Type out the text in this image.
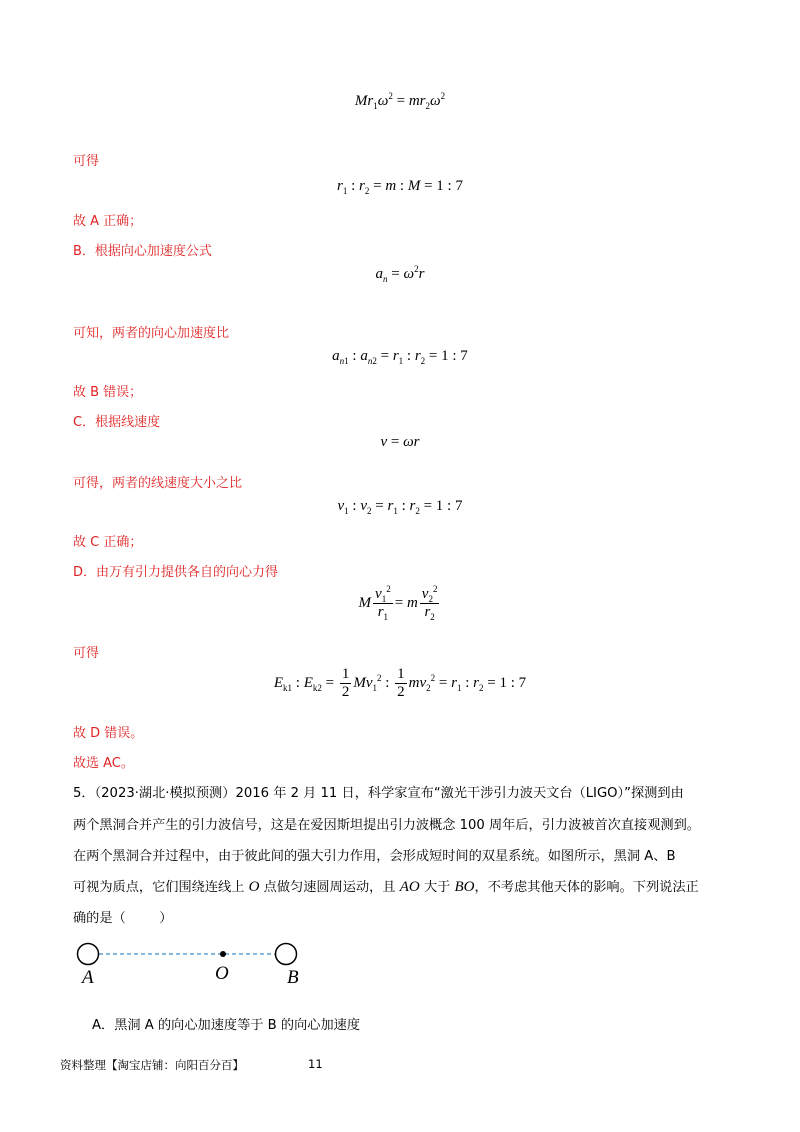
$Mr_1\omega^2 = mr_2\omega^2$
可得
$r_1$ : $r_2 = m$ : M = 1 : 7
故 A 正确；
B．根据向心加速度公式
$a_n = \omega^2r$
可知，两者的向心加速度比
$a_{n1}$ : $a_{n2} = r_1$ : $r_2 = 1$ : 7
故 B 错误；
C．根据线速度
v = ωr
可得，两者的线速度大小之比
$v_1$ : $v_2 = r_1$ : $r_2 = 1$ : 7
故 C 正确；
D．由万有引力提供各自的向心力得
M $\frac{v_1^2}{r_1} = m \frac{v_2^2}{r_2}$
可得
$E_{k1}$ : $E_{k2} = \frac{1}{2} Mv_1^2$ : $\frac{1}{2} mv_2^2 = r_1$ : $r_2 = 1$ : 7
故 D 错误。
故选 AC。
5．（2023·湖北·模拟预测）2016 年 2 月 11 日，科学家宣布“激光干涉引力波天文台（LIGO）”探测到由
两个黑洞合并产生的引力波信号，这是在爱因斯坦提出引力波概念 100 周年后，引力波被首次直接观测到。
在两个黑洞合并过程中，由于彼此间的强大引力作用，会形成短时间的双星系统。如图所示，黑洞 A、B
可视为质点，它们围绕连线上 O 点做匀速圆周运动，且 AO 大于 BO，不考虑其他天体的影响。下列说法正
确的是（        ）
A	O	B
A．黑洞 A 的向心加速度等于 B 的向心加速度
资料整理【淘宝店铺：向阳百分百】	11
